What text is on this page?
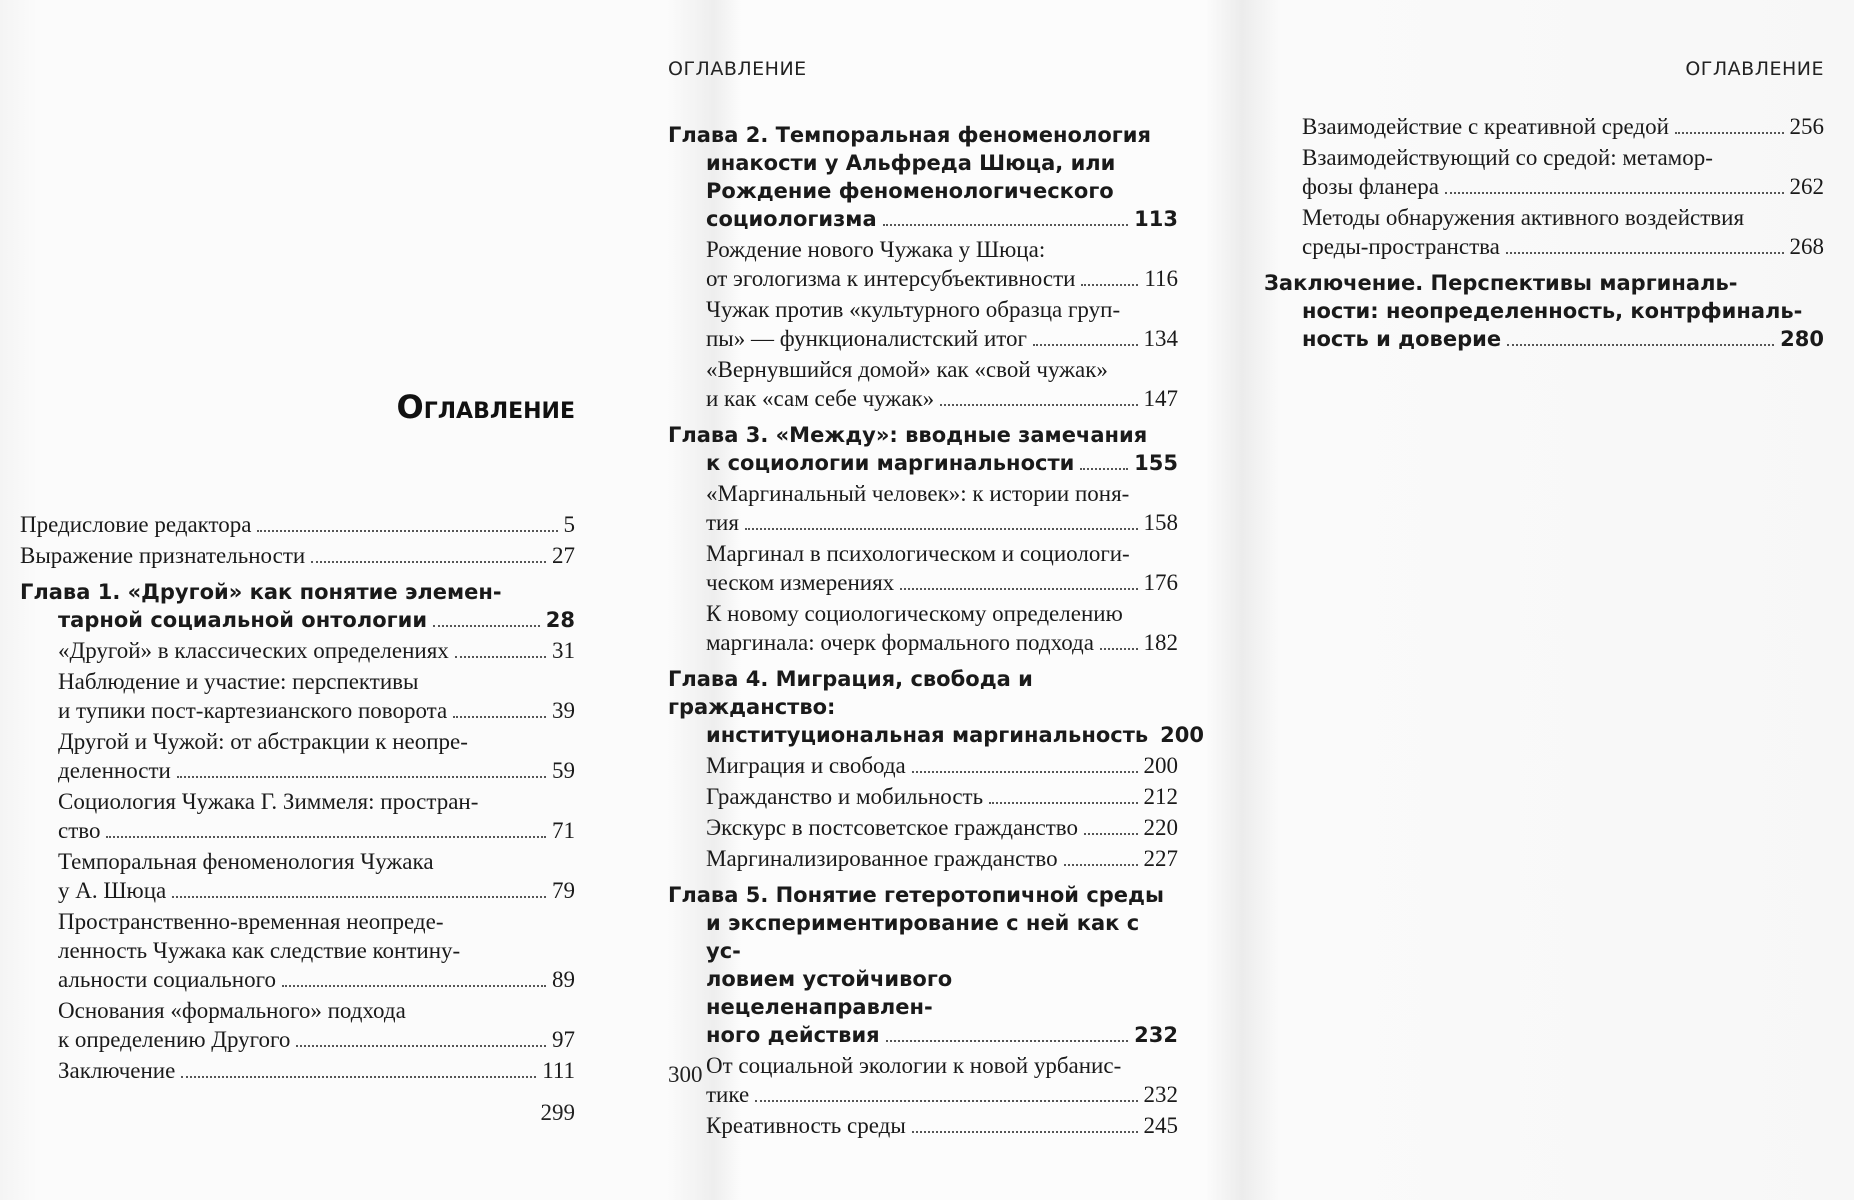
Оглавление
Предисловие редактора	5
Выражение признательности	27
Глава 1. «Другой» как понятие элемен-
тарной социальной онтологии	28
«Другой» в классических определениях	31
Наблюдение и участие: перспективы
и тупики пост-картезианского поворота	39
Другой и Чужой: от абстракции к неопре-
деленности	59
Социология Чужака Г. Зиммеля: простран-
ство	71
Темпоральная феноменология Чужака
у А. Шюца	79
Пространственно-временная неопреде-
ленность Чужака как следствие контину-
альности социального	89
Основания «формального» подхода
к определению Другого	97
Заключение	111
299
ОГЛАВЛЕНИЕ
Глава 2. Темпоральная феноменология
инакости у Альфреда Шюца, или
Рождение феноменологического
социологизма	113
Рождение нового Чужака у Шюца:
от эгологизма к интерсубъективности	116
Чужак против «культурного образца груп-
пы» — функционалистский итог	134
«Вернувшийся домой» как «свой чужак»
и как «сам себе чужак»	147
Глава 3. «Между»: вводные замечания
к социологии маргинальности	155
«Маргинальный человек»: к истории поня-
тия	158
Маргинал в психологическом и социологи-
ческом измерениях	176
К новому социологическому определению
маргинала: очерк формального подхода 182
Глава 4. Миграция, свобода и гражданство:
институциональная маргинальность 200
Миграция и свобода	200
Гражданство и мобильность	212
Экскурс в постсоветское гражданство	220
Маргинализированное гражданство	227
Глава 5. Понятие гетеротопичной среды
и экспериментирование с ней как с ус-
ловием устойчивого нецеленаправлен-
ного действия	232
От социальной экологии к новой урбанис-
тике	232
Креативность среды	245
300
ОГЛАВЛЕНИЕ
Взаимодействие с креативной средой	256
Взаимодействующий со средой: метамор-
фозы фланера	262
Методы обнаружения активного воздействия
среды-пространства	268
Заключение. Перспективы маргиналь-
ности: неопределенность, контрфиналь-
ность и доверие	280
